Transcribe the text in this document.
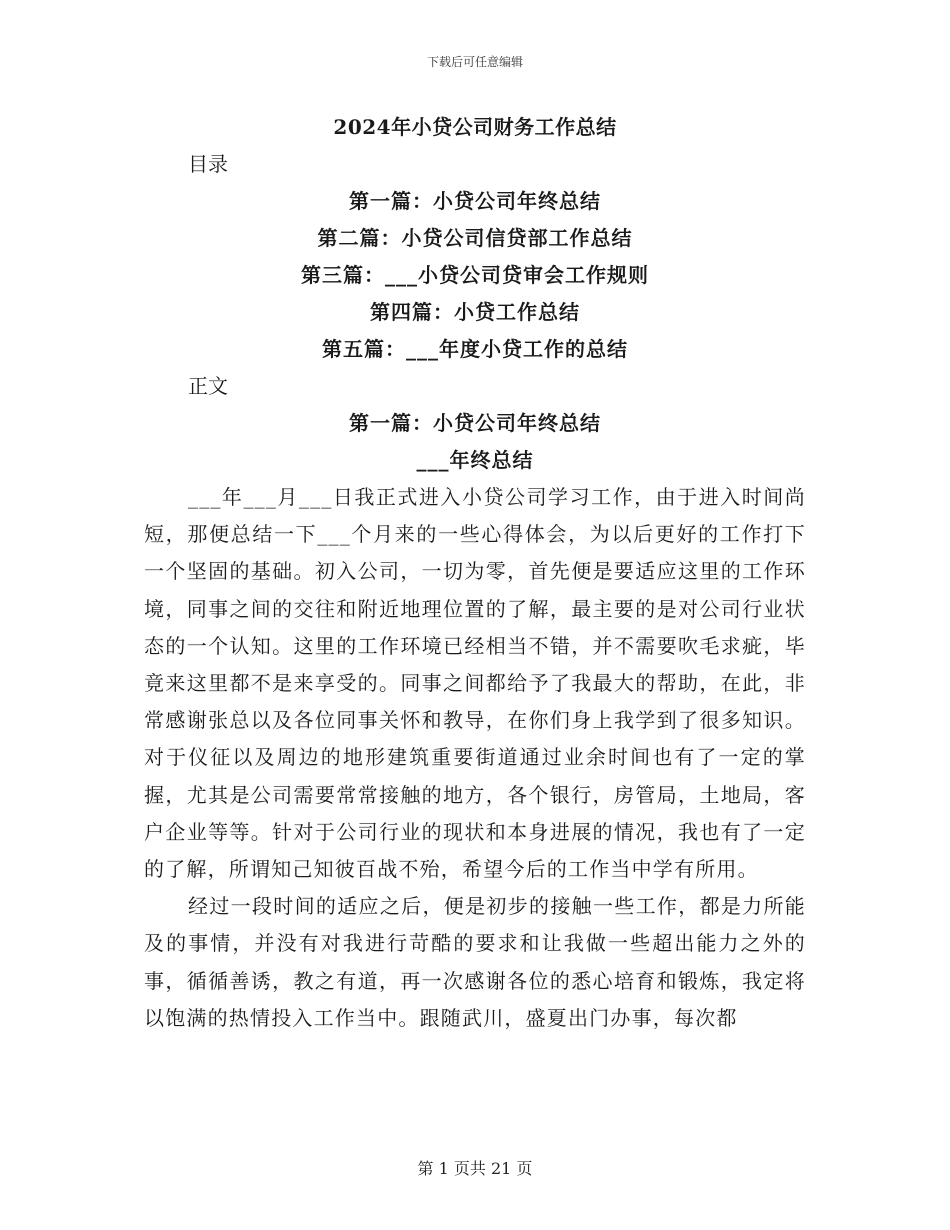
下载后可任意编辑
2024年小贷公司财务工作总结
目录
第一篇：小贷公司年终总结
第二篇：小贷公司信贷部工作总结
第三篇：___小贷公司贷审会工作规则
第四篇：小贷工作总结
第五篇：___年度小贷工作的总结
正文
第一篇：小贷公司年终总结
___年终总结

___年___月___日我正式进入小贷公司学习工作，由于进入时间尚短，那便总结一下___个月来的一些心得体会，为以后更好的工作打下一个坚固的基础。初入公司，一切为零，首先便是要适应这里的工作环境，同事之间的交往和附近地理位置的了解，最主要的是对公司行业状态的一个认知。这里的工作环境已经相当不错，并不需要吹毛求疵，毕竟来这里都不是来享受的。同事之间都给予了我最大的帮助，在此，非常感谢张总以及各位同事关怀和教导，在你们身上我学到了很多知识。对于仪征以及周边的地形建筑重要街道通过业余时间也有了一定的掌握，尤其是公司需要常常接触的地方，各个银行，房管局，土地局，客户企业等等。针对于公司行业的现状和本身进展的情况，我也有了一定的了解，所谓知己知彼百战不殆，希望今后的工作当中学有所用。

经过一段时间的适应之后，便是初步的接触一些工作，都是力所能及的事情，并没有对我进行苛酷的要求和让我做一些超出能力之外的事，循循善诱，教之有道，再一次感谢各位的悉心培育和锻炼，我定将以饱满的热情投入工作当中。跟随武川，盛夏出门办事，每次都

第 1 页共 21 页
